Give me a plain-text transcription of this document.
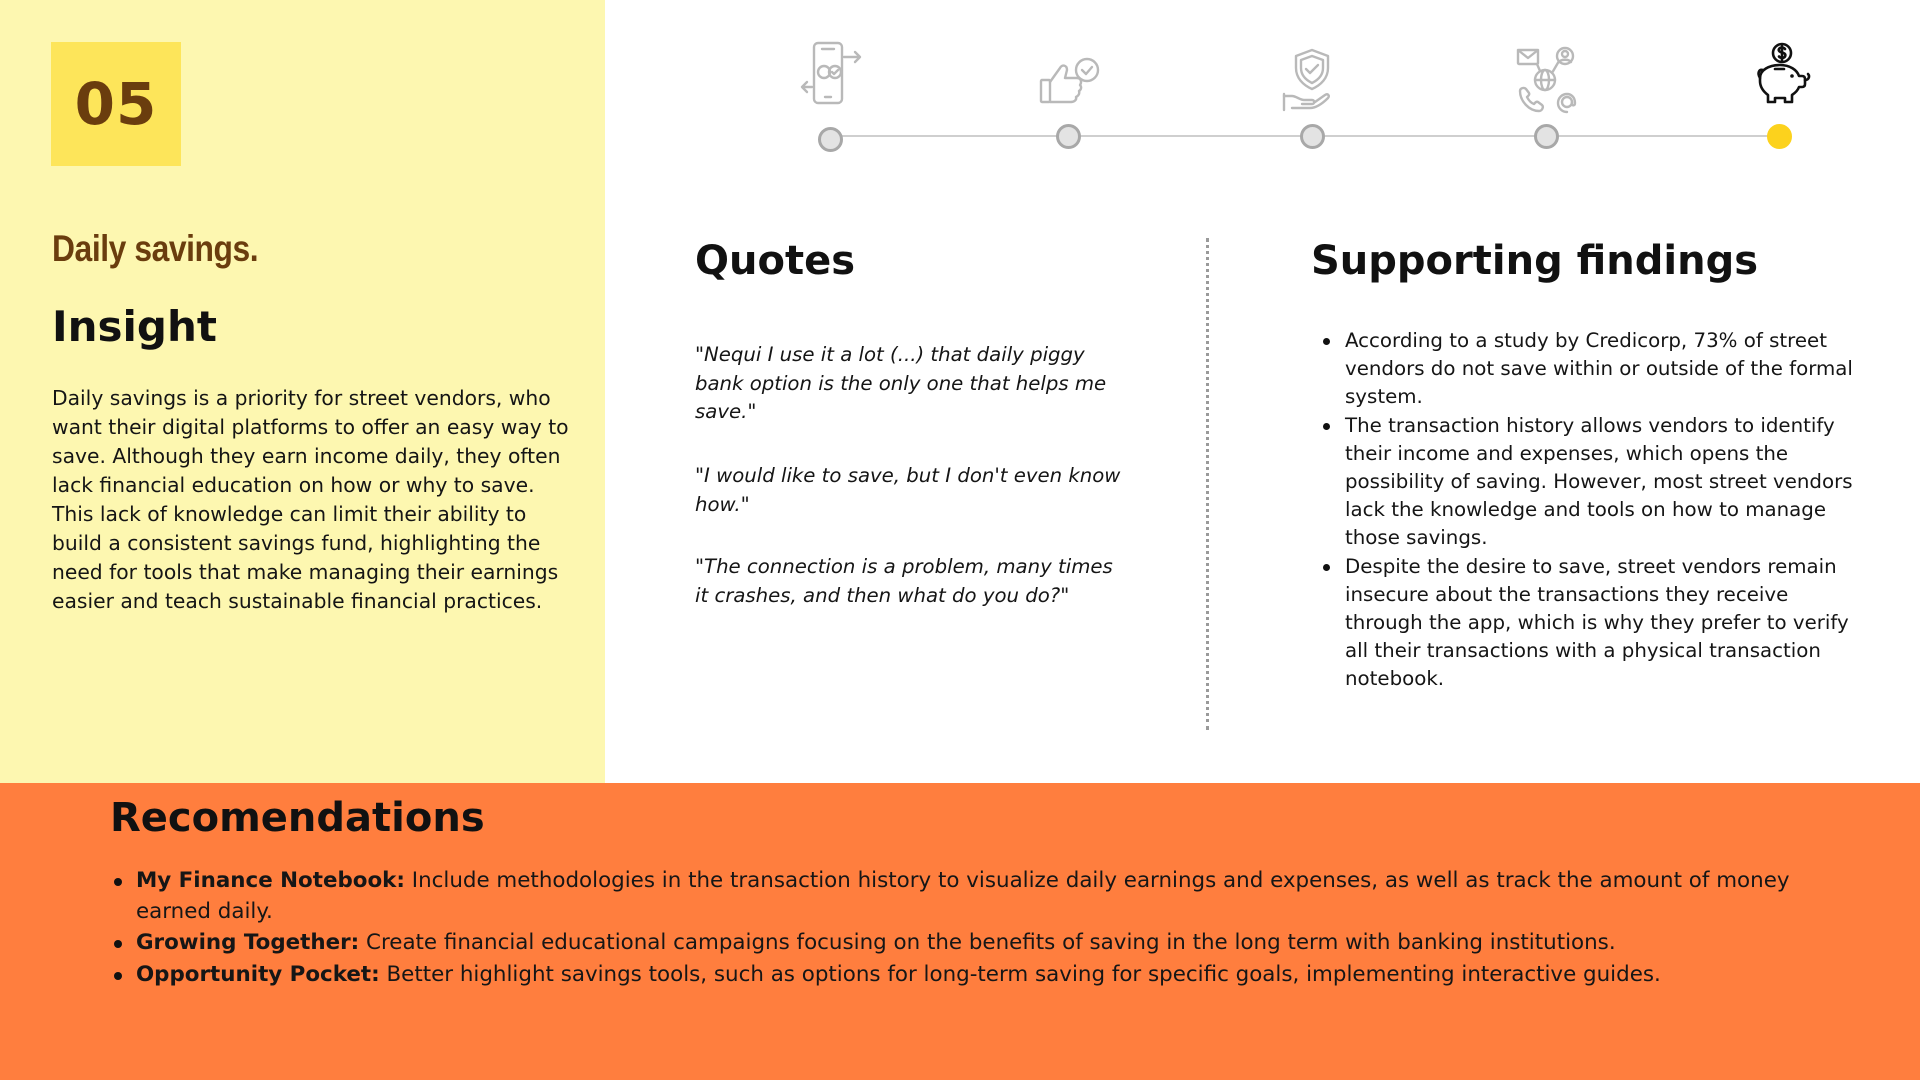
05
Daily savings.
Insight

Daily savings is a priority for street vendors, who want their digital platforms to offer an easy way to save. Although they earn income daily, they often lack financial education on how or why to save. This lack of knowledge can limit their ability to build a consistent savings fund, highlighting the need for tools that make managing their earnings easier and teach sustainable financial practices.

Quotes

"Nequi I use it a lot (...) that daily piggy bank option is the only one that helps me save."

"I would like to save, but I don't even know how."

"The connection is a problem, many times it crashes, and then what do you do?"

Supporting findings
According to a study by Credicorp, 73% of street vendors do not save within or outside of the formal system.
The transaction history allows vendors to identify their income and expenses, which opens the possibility of saving. However, most street vendors lack the knowledge and tools on how to manage those savings.
Despite the desire to save, street vendors remain insecure about the transactions they receive through the app, which is why they prefer to verify all their transactions with a physical transaction notebook.
Recomendations
My Finance Notebook: Include methodologies in the transaction history to visualize daily earnings and expenses, as well as track the amount of money earned daily.
Growing Together: Create financial educational campaigns focusing on the benefits of saving in the long term with banking institutions.
Opportunity Pocket: Better highlight savings tools, such as options for long-term saving for specific goals, implementing interactive guides.
